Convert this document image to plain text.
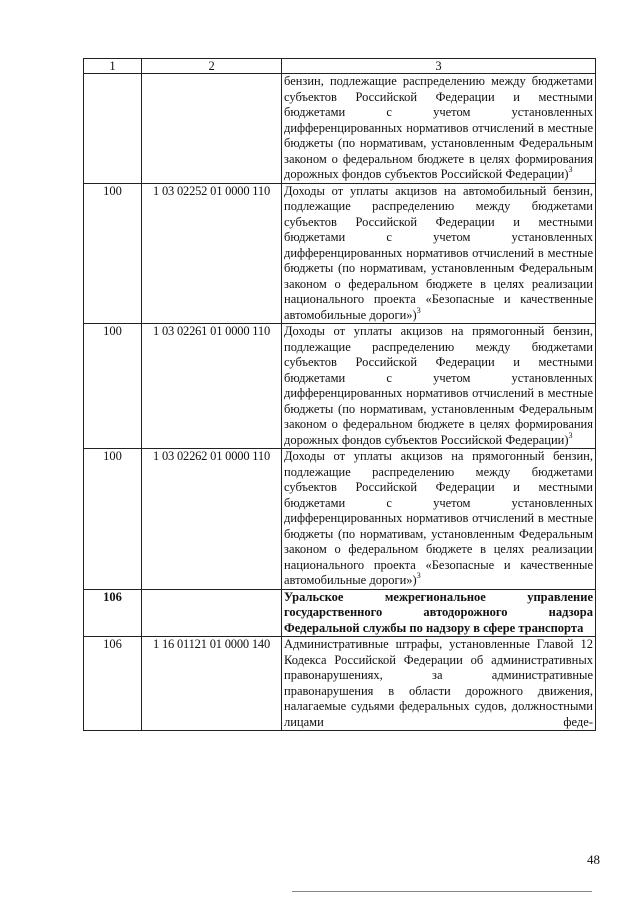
1	2	3

		бензин, подлежащие распределению между бюджетами субъектов Российской Федерации и местными бюджетами с учетом установленных дифференцированных нормативов отчислений в местные бюджеты (по нормативам, установленным Федеральным законом о федеральном бюджете в целях формирования дорожных фондов субъектов Российской Федерации)$^3$

100	1 03 02252 01 0000 110	Доходы от уплаты акцизов на автомобильный бензин, подлежащие распределению между бюджетами субъектов Российской Федерации и местными бюджетами с учетом установленных дифференцированных нормативов отчислений в местные бюджеты (по нормативам, установленным Федеральным законом о федеральном бюджете в целях реализации национального проекта «Безопасные и качественные автомобильные дороги»)$^3$

100	1 03 02261 01 0000 110	Доходы от уплаты акцизов на прямогонный бензин, подлежащие распределению между бюджетами субъектов Российской Федерации и местными бюджетами с учетом установленных дифференцированных нормативов отчислений в местные бюджеты (по нормативам, установленным Федеральным законом о федеральном бюджете в целях формирования дорожных фондов субъектов Российской Федерации)$^3$

100	1 03 02262 01 0000 110	Доходы от уплаты акцизов на прямогонный бензин, подлежащие распределению между бюджетами субъектов Российской Федерации и местными бюджетами с учетом установленных дифференцированных нормативов отчислений в местные бюджеты (по нормативам, установленным Федеральным законом о федеральном бюджете в целях реализации национального проекта «Безопасные и качественные автомобильные дороги»)$^3$

106		Уральское межрегиональное управление государственного автодорожного надзора Федеральной службы по надзору в сфере транспорта

106	1 16 01121 01 0000 140	Административные штрафы, установленные Главой 12 Кодекса Российской Федерации об административных правонарушениях, за административные правонарушения в области дорожного движения, налагаемые судьями федеральных судов, должностными лицами феде-
48
